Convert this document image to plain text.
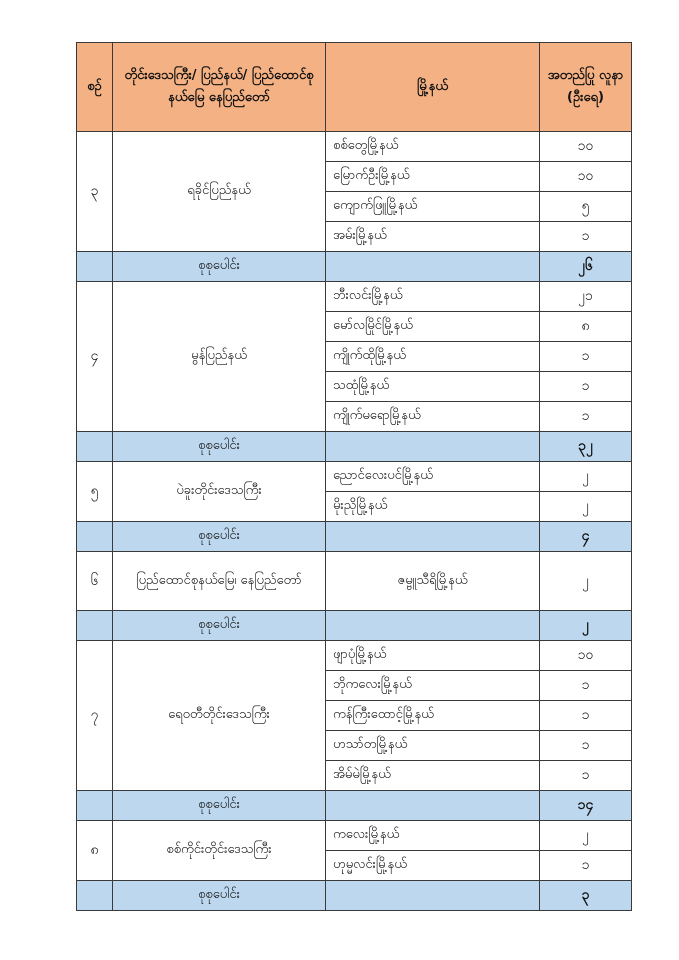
စဉ်	တိုင်းဒေသကြီး/ ပြည်နယ်/ ပြည်ထောင်စုနယ်မြေ နေပြည်တော်	မြို့နယ်	အတည်ပြု လူနာ (ဦးရေ)
၃	ရခိုင်ပြည်နယ်	စစ်တွေမြို့နယ်	၁၀
		မြောက်ဦးမြို့နယ်	၁၀
		ကျောက်ဖြူမြို့နယ်	၅
		အမ်းမြို့နယ်	၁
	စုစုပေါင်း		၂၆
၄	မွန်ပြည်နယ်	ဘီးလင်းမြို့နယ်	၂၁
		မော်လမြိုင်မြို့နယ်	၈
		ကျိုက်ထိုမြို့နယ်	၁
		သထုံမြို့နယ်	၁
		ကျိုက်မရောမြို့နယ်	၁
	စုစုပေါင်း		၃၂
၅	ပဲခူးတိုင်းဒေသကြီး	ညောင်လေးပင်မြို့နယ်	၂
		မိုးညိုမြို့နယ်	၂
	စုစုပေါင်း		၄
၆	ပြည်ထောင်စုနယ်မြေ၊ နေပြည်တော်	ဇမ္ဗူသီရိမြို့နယ်	၂
	စုစုပေါင်း		၂
၇	ရေဝတီတိုင်းဒေသကြီး	ဖျာပုံမြို့နယ်	၁၀
		ဘိုကလေးမြို့နယ်	၁
		ကန်ကြီးထောင့်မြို့နယ်	၁
		ဟသာ်တမြို့နယ်	၁
		အိမ်မဲမြို့နယ်	၁
	စုစုပေါင်း		၁၄
၈	စစ်ကိုင်းတိုင်းဒေသကြီး	ကလေးမြို့နယ်	၂
		ဟုမ္မလင်းမြို့နယ်	၁
	စုစုပေါင်း		၃
